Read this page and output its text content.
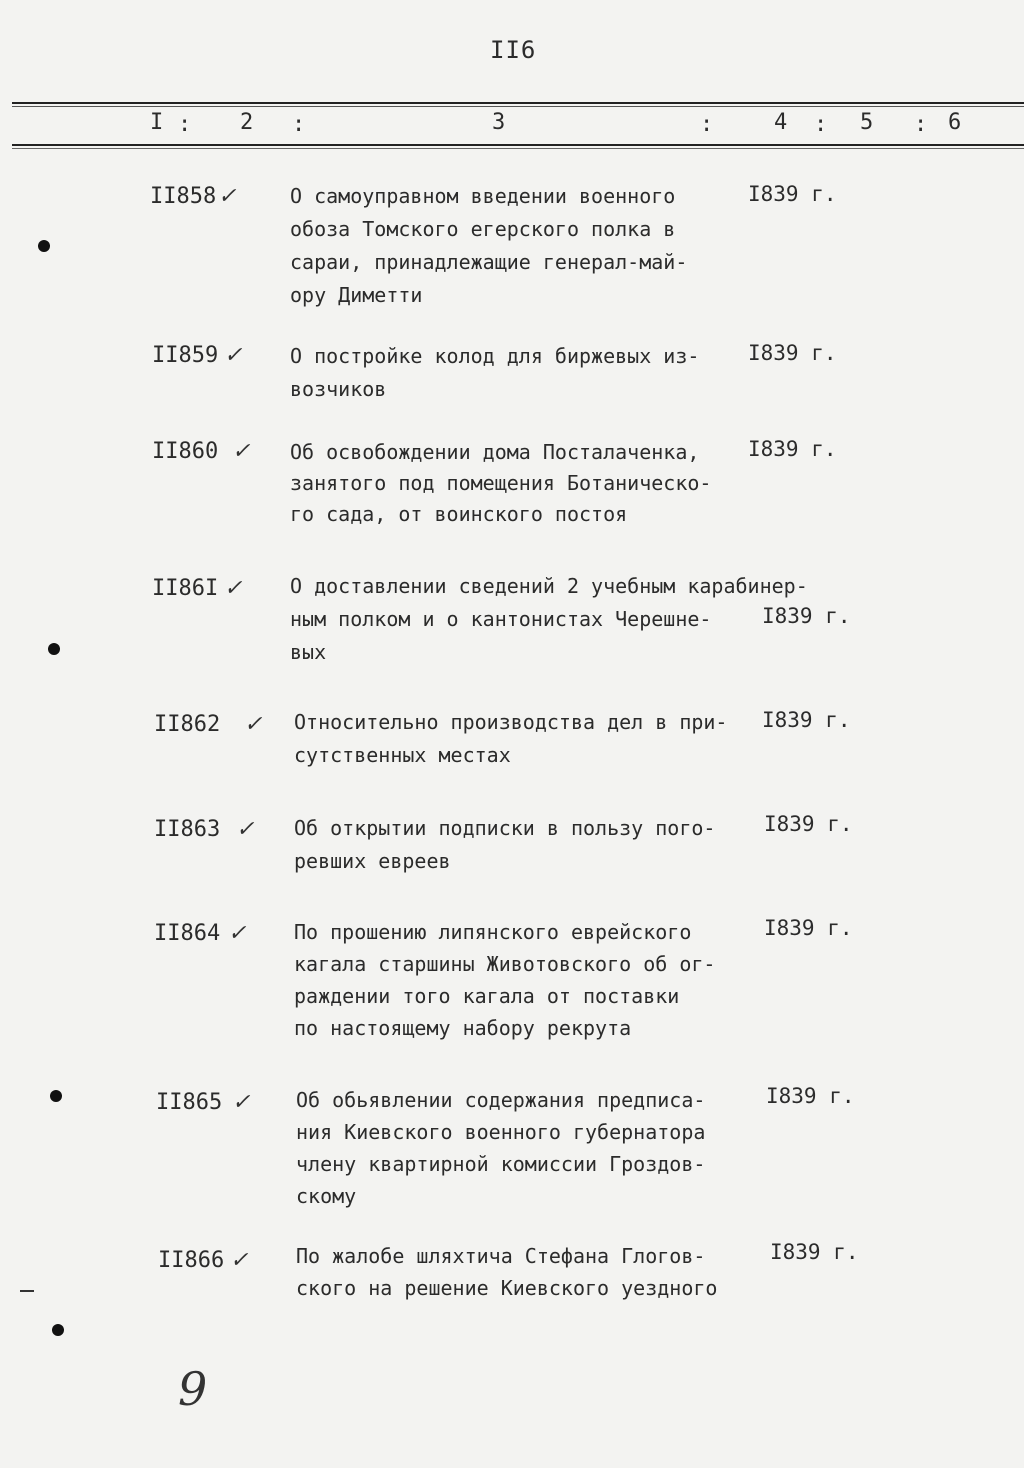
II6
I : 2 :	3	:	4 : 5 : 6
II858 ✓	О самоуправном введении военного
обоза Томского егерского полка в
сараи, принадлежащие генерал-май-
ору Диметти
I839 г.
II859 ✓ О постройке колод для биржевых из-
возчиков
I839 г.
II860 ✓ Об освобождении дома Посталаченка,
занятого под помещения Ботаническо-
го сада, от воинского постоя
I839 г.
II86I ✓ О доставлении сведений 2 учебным карабинер-
ным полком и о кантонистах Черешне-
вых
I839 г.
II862 ✓ Относительно производства дел в при-
сутственных местах
I839 г.
II863 ✓ Об открытии подписки в пользу пого-
ревших евреев
I839 г.
II864 ✓ По прошению липянского еврейского
кагала старшины Животовского об ог-
раждении того кагала от поставки
по настоящему набору рекрута
I839 г.
II865 ✓ Об обьявлении содержания предписа-
ния Киевского военного губернатора
члену квартирной комиссии Гроздов-
скому
I839 г.
II866 ✓ По жалобе шляхтича Стефана Глогов-
ского на решение Киевского уездного
I839 г.
9
